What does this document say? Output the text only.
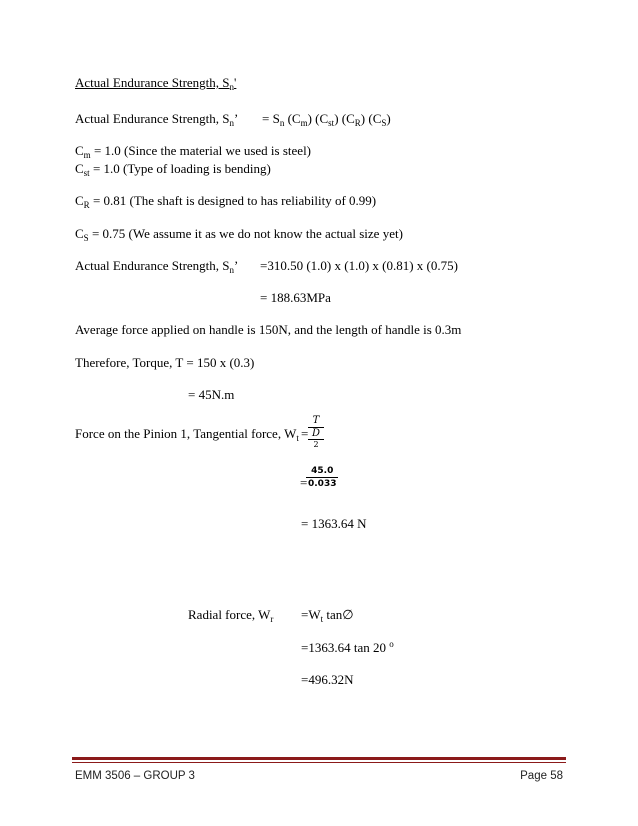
Actual Endurance Strength, $S_n'$
Actual Endurance Strength, $S_n$’ = $S_n$ $(C_m)$ $(C_{st})$ $(C_R)$ $(C_S)$
$C_m = 1.0$ (Since the material we used is steel)
$C_{st} = 1.0$ (Type of loading is bending)
$C_R = 0.81$ (The shaft is designed to has reliability of 0.99)
$C_S = 0.75$ (We assume it as we do not know the actual size yet)
Actual Endurance Strength, $S_n$’ =310.50 (1.0) x (1.0) x (0.81) x (0.75)
= 188.63MPa
Average force applied on handle is 150N, and the length of handle is 0.3m
Therefore, Torque, T = 150 x (0.3)
= 45N.m
Force on the Pinion 1, Tangential force, $W_t$ =
T
D
2
=
$\frac{45.0}{0.033}$
= 1363.64 N
Radial force, $W_r =W_t$ tan∅
=1363.64 tan 20 $^o$
=496.32N
EMM 3506 – GROUP 3	Page 58
